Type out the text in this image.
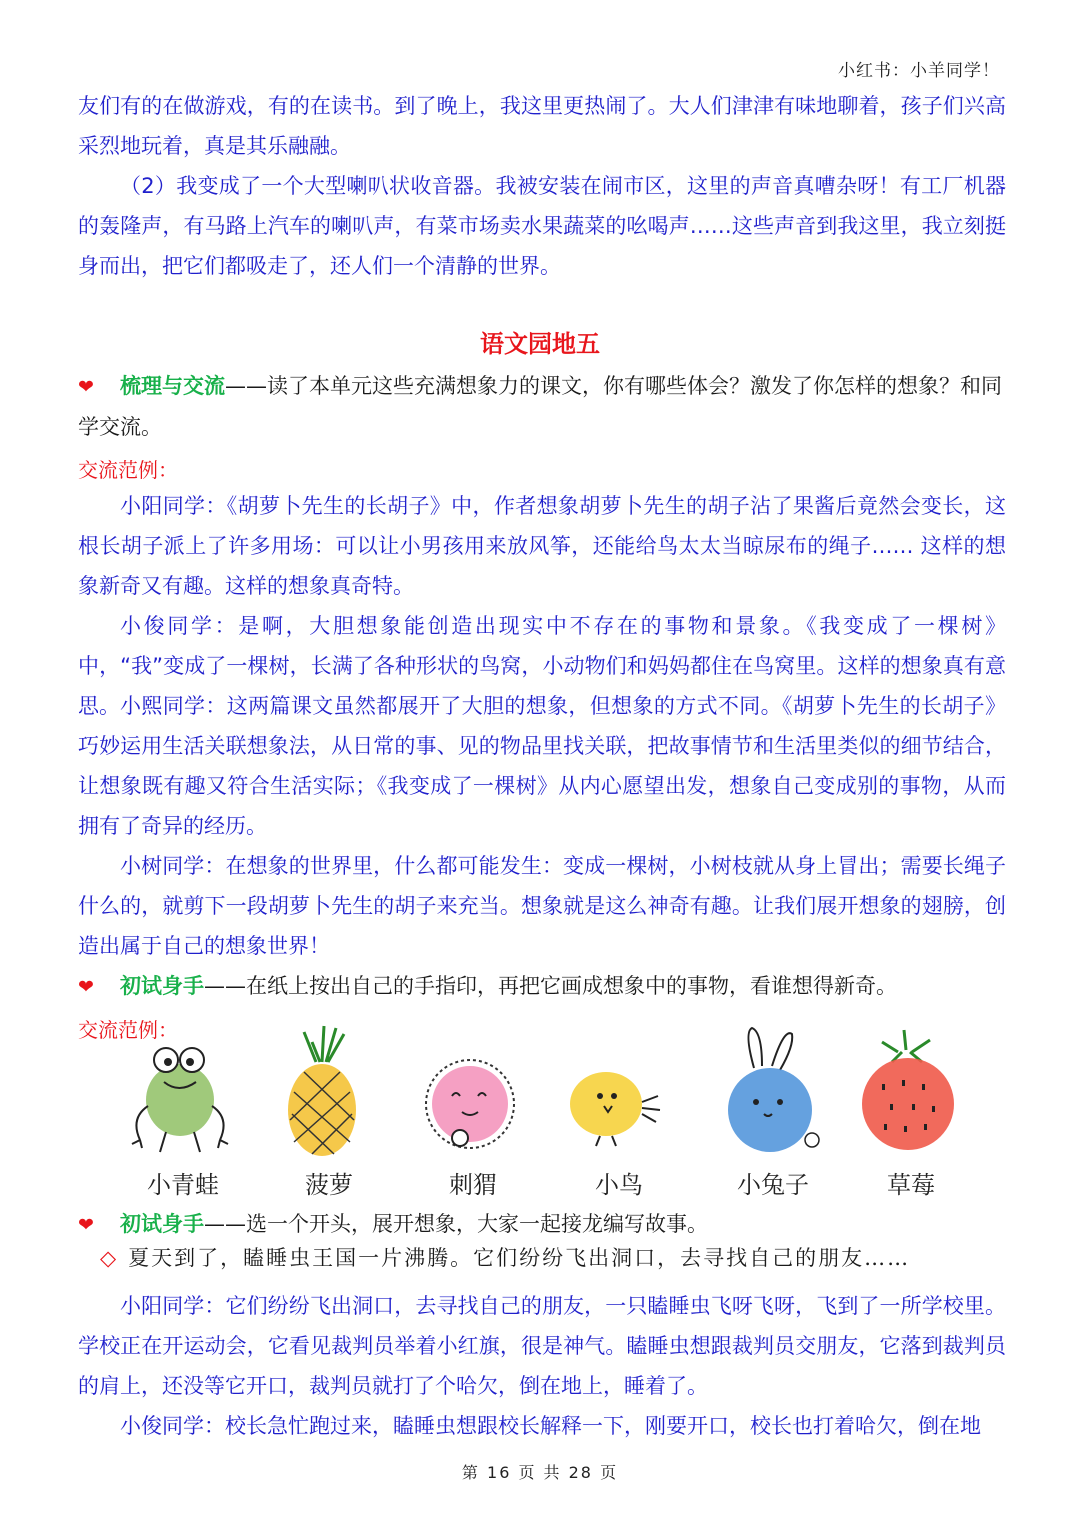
小红书：小羊同学！

友们有的在做游戏，有的在读书。到了晚上，我这里更热闹了。大人们津津有味地聊着，孩子们兴高采烈地玩着，真是其乐融融。

（2）我变成了一个大型喇叭状收音器。我被安装在闹市区，这里的声音真嘈杂呀！有工厂机器的轰隆声，有马路上汽车的喇叭声，有菜市场卖水果蔬菜的吆喝声……这些声音到我这里，我立刻挺身而出，把它们都吸走了，还人们一个清静的世界。

语文园地五

❤ 梳理与交流——读了本单元这些充满想象力的课文，你有哪些体会？激发了你怎样的想象？和同学交流。

交流范例：

小阳同学：《胡萝卜先生的长胡子》中，作者想象胡萝卜先生的胡子沾了果酱后竟然会变长，这根长胡子派上了许多用场：可以让小男孩用来放风筝，还能给鸟太太当晾尿布的绳子…… 这样的想象新奇又有趣。这样的想象真奇特。

小俊同学：是啊，大胆想象能创造出现实中不存在的事物和景象。《我变成了一棵树》中，“我”变成了一棵树，长满了各种形状的鸟窝，小动物们和妈妈都住在鸟窝里。这样的想象真有意思。 小熙同学：这两篇课文虽然都展开了大胆的想象，但想象的方式不同。《胡萝卜先生的长胡子》巧妙运用生活关联想象法，从日常的事、见的物品里找关联，把故事情节和生活里类似的细节结合，让想象既有趣又符合生活实际；《我变成了一棵树》从内心愿望出发，想象自己变成别的事物，从而拥有了奇异的经历。

小树同学：在想象的世界里，什么都可能发生：变成一棵树，小树枝就从身上冒出；需要长绳子什么的，就剪下一段胡萝卜先生的胡子来充当。想象就是这么神奇有趣。让我们展开想象的翅膀，创造出属于自己的想象世界！

❤ 初试身手——在纸上按出自己的手指印，再把它画成想象中的事物，看谁想得新奇。

交流范例：
小青蛙	菠萝	刺猬	小鸟	小兔子	草莓

❤ 初试身手——选一个开头，展开想象，大家一起接龙编写故事。

◇ 夏天到了，瞌睡虫王国一片沸腾。它们纷纷飞出洞口，去寻找自己的朋友……

小阳同学：它们纷纷飞出洞口，去寻找自己的朋友，一只瞌睡虫飞呀飞呀，飞到了一所学校里。学校正在开运动会，它看见裁判员举着小红旗，很是神气。瞌睡虫想跟裁判员交朋友，它落到裁判员的肩上，还没等它开口，裁判员就打了个哈欠，倒在地上，睡着了。

小俊同学：校长急忙跑过来，瞌睡虫想跟校长解释一下，刚要开口，校长也打着哈欠，倒在地

第 16 页 共 28 页
